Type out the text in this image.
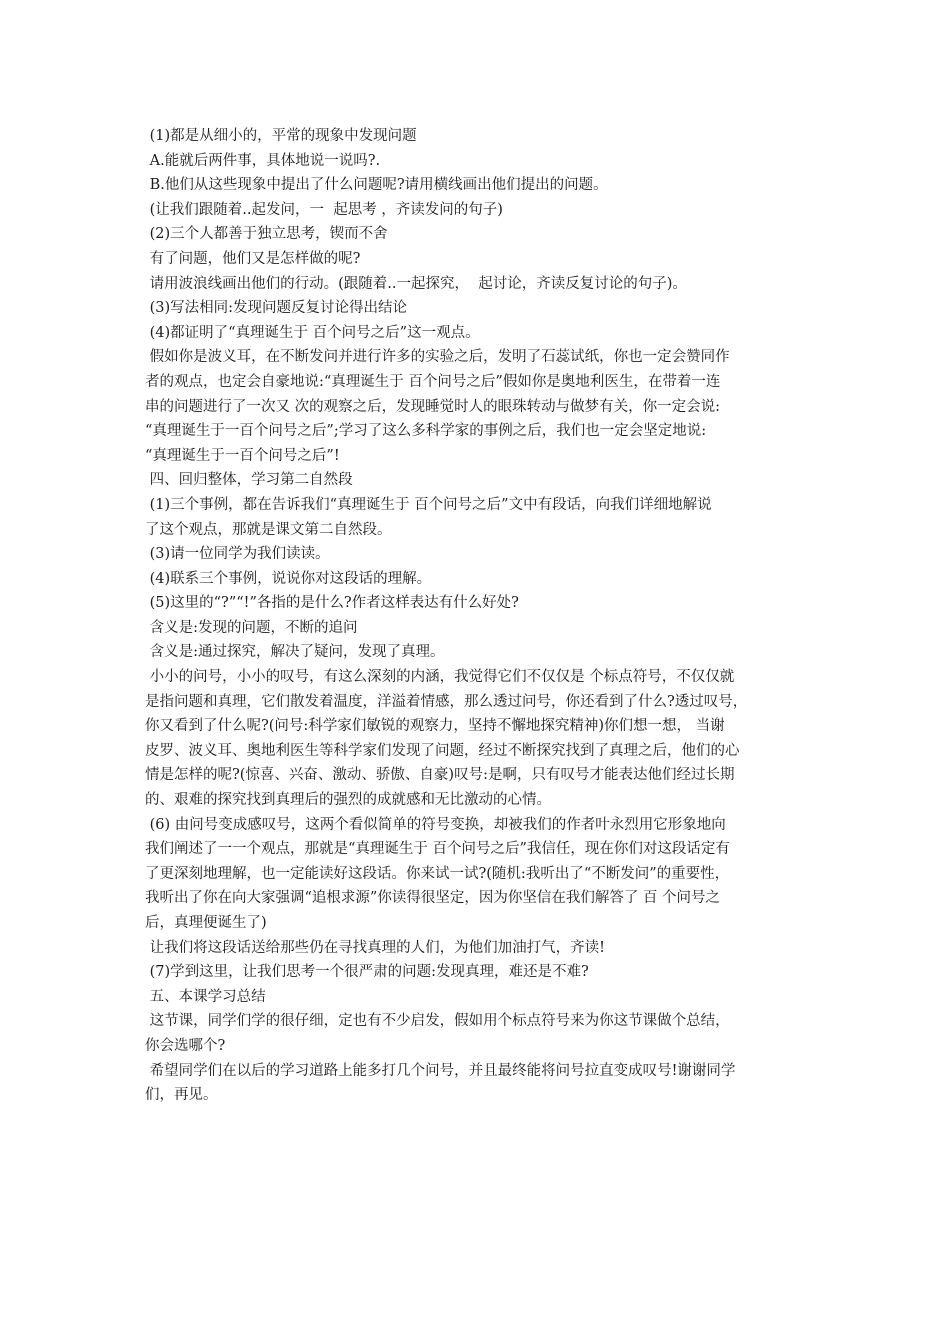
(1)都是从细小的，平常的现象中发现问题
A.能就后两件事，具体地说一说吗?.
B.他们从这些现象中提出了什么问题呢?请用横线画出他们提出的问题。
(让我们跟随着..起发问，一  起思考 ，齐读发问的句子)
(2)三个人都善于独立思考，锲而不舍
有了问题，他们又是怎样做的呢?
请用波浪线画出他们的行动。(跟随着..一起探究，  起讨论，齐读反复讨论的句子)。
(3)写法相同:发现问题反复讨论得出结论
(4)都证明了“真理诞生于 百个问号之后”这一观点。
假如你是波义耳，在不断发问并进行许多的实验之后，发明了石蕊试纸，你也一定会赞同作
者的观点，也定会自豪地说:“真理诞生于 百个问号之后”假如你是奥地利医生，在带着一连
串的问题进行了一次又 次的观察之后，发现睡觉时人的眼珠转动与做梦有关，你一定会说:
“真理诞生于一百个问号之后”;学习了这么多科学家的事例之后，我们也一定会坚定地说:
“真理诞生于一百个问号之后”!
四、回归整体，学习第二自然段
(1)三个事例，都在告诉我们“真理诞生于 百个问号之后”文中有段话，向我们详细地解说
了这个观点，那就是课文第二自然段。
(3)请一位同学为我们读读。
(4)联系三个事例，说说你对这段话的理解。
(5)这里的“?”“!”各指的是什么?作者这样表达有什么好处?
含义是:发现的问题，不断的追问
含义是:通过探究，解决了疑问，发现了真理。
小小的问号，小小的叹号，有这么深刻的内涵，我觉得它们不仅仅是 个标点符号，不仅仅就
是指问题和真理，它们散发着温度，洋溢着情感，那么透过问号，你还看到了什么?透过叹号，
你又看到了什么呢?(问号:科学家们敏锐的观察力，坚持不懈地探究精神)你们想一想， 当谢
皮罗、波义耳、奥地利医生等科学家们发现了问题，经过不断探究找到了真理之后，他们的心
情是怎样的呢?(惊喜、兴奋、激动、骄傲、自豪)叹号:是啊，只有叹号才能表达他们经过长期
的、艰难的探究找到真理后的强烈的成就感和无比激动的心情。
(6) 由问号变成感叹号，这两个看似简单的符号变换，却被我们的作者叶永烈用它形象地向
我们阐述了一一个观点，那就是“真理诞生于 百个问号之后”我信任，现在你们对这段话定有
了更深刻地理解，也一定能读好这段话。你来试一试?(随机:我听出了“不断发问”的重要性，
我听出了你在向大家强调“追根求源”你读得很坚定，因为你坚信在我们解答了 百 个问号之
后，真理便诞生了)
让我们将这段话送给那些仍在寻找真理的人们，为他们加油打气，齐读!
(7)学到这里，让我们思考一个很严肃的问题:发现真理，难还是不难?
五、本课学习总结
这节课，同学们学的很仔细，定也有不少启发，假如用个标点符号来为你这节课做个总结，
你会选哪个?
希望同学们在以后的学习道路上能多打几个问号，并且最终能将问号拉直变成叹号!谢谢同学
们，再见。
